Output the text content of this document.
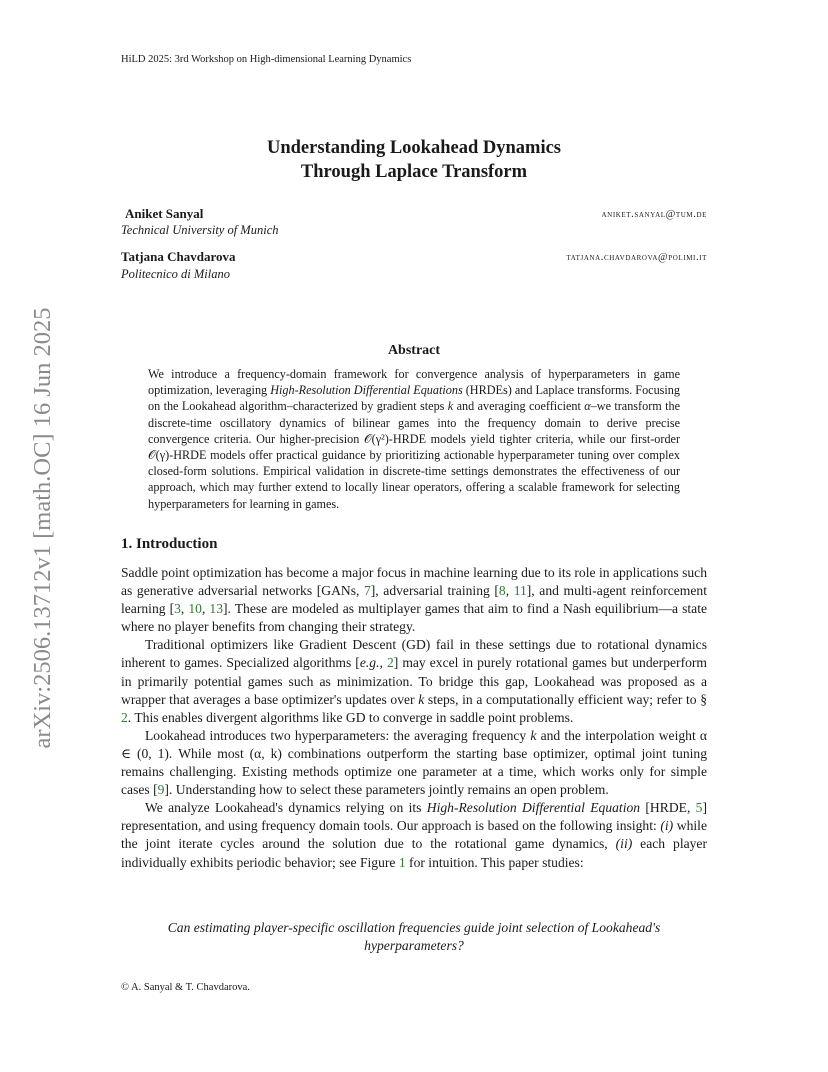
HiLD 2025: 3rd Workshop on High-dimensional Learning Dynamics
arXiv:2506.13712v1 [math.OC] 16 Jun 2025
Understanding Lookahead Dynamics
Through Laplace Transform
Aniket Sanyal
Technical University of Munich
aniket.sanyal@tum.de
Tatjana Chavdarova
Politecnico di Milano
tatjana.chavdarova@polimi.it
Abstract
We introduce a frequency-domain framework for convergence analysis of hyperparameters in game optimization, leveraging High-Resolution Differential Equations (HRDEs) and Laplace transforms. Focusing on the Lookahead algorithm–characterized by gradient steps k and averaging coefficient α–we transform the discrete-time oscillatory dynamics of bilinear games into the frequency domain to derive precise convergence criteria. Our higher-precision 𝒪(γ²)-HRDE models yield tighter criteria, while our first-order 𝒪(γ)-HRDE models offer practical guidance by prioritizing actionable hyperparameter tuning over complex closed-form solutions. Empirical validation in discrete-time settings demonstrates the effectiveness of our approach, which may further extend to locally linear operators, offering a scalable framework for selecting hyperparameters for learning in games.
1. Introduction

Saddle point optimization has become a major focus in machine learning due to its role in applications such as generative adversarial networks [GANs, 7], adversarial training [8, 11], and multi-agent reinforcement learning [3, 10, 13]. These are modeled as multiplayer games that aim to find a Nash equilibrium—a state where no player benefits from changing their strategy.

Traditional optimizers like Gradient Descent (GD) fail in these settings due to rotational dynamics inherent to games. Specialized algorithms [e.g., 2] may excel in purely rotational games but underperform in primarily potential games such as minimization. To bridge this gap, Lookahead was proposed as a wrapper that averages a base optimizer's updates over k steps, in a computationally efficient way; refer to § 2. This enables divergent algorithms like GD to converge in saddle point problems.

Lookahead introduces two hyperparameters: the averaging frequency k and the interpolation weight α ∈ (0, 1). While most (α, k) combinations outperform the starting base optimizer, optimal joint tuning remains challenging. Existing methods optimize one parameter at a time, which works only for simple cases [9]. Understanding how to select these parameters jointly remains an open problem.

We analyze Lookahead's dynamics relying on its High-Resolution Differential Equation [HRDE, 5] representation, and using frequency domain tools. Our approach is based on the following insight: (i) while the joint iterate cycles around the solution due to the rotational game dynamics, (ii) each player individually exhibits periodic behavior; see Figure 1 for intuition. This paper studies:

Can estimating player-specific oscillation frequencies guide joint selection of Lookahead's
hyperparameters?
© A. Sanyal & T. Chavdarova.
